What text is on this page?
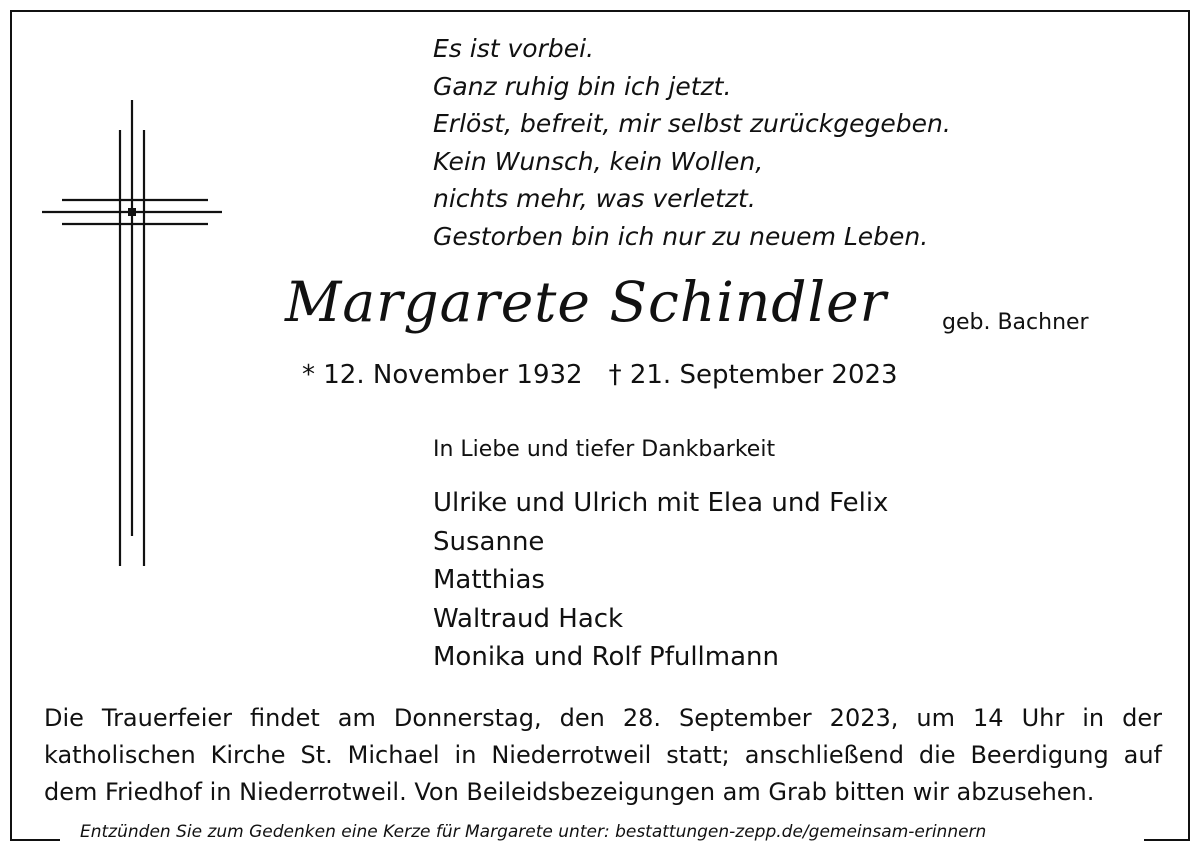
Es ist vorbei.
Ganz ruhig bin ich jetzt.
Erlöst, befreit, mir selbst zurückgegeben.
Kein Wunsch, kein Wollen,
nichts mehr, was verletzt.
Gestorben bin ich nur zu neuem Leben.
Margarete Schindler	geb. Bachner
* 12. November 1932 † 21. September 2023
In Liebe und tiefer Dankbarkeit
Ulrike und Ulrich mit Elea und Felix
Susanne
Matthias
Waltraud Hack
Monika und Rolf Pfullmann
Die Trauerfeier findet am Donnerstag, den 28. September 2023, um 14 Uhr in der
katholischen Kirche St. Michael in Niederrotweil statt; anschließend die Beerdigung auf
dem Friedhof in Niederrotweil. Von Beileidsbezeigungen am Grab bitten wir abzusehen.
Entzünden Sie zum Gedenken eine Kerze für Margarete unter: bestattungen-zepp.de/gemeinsam-erinnern
